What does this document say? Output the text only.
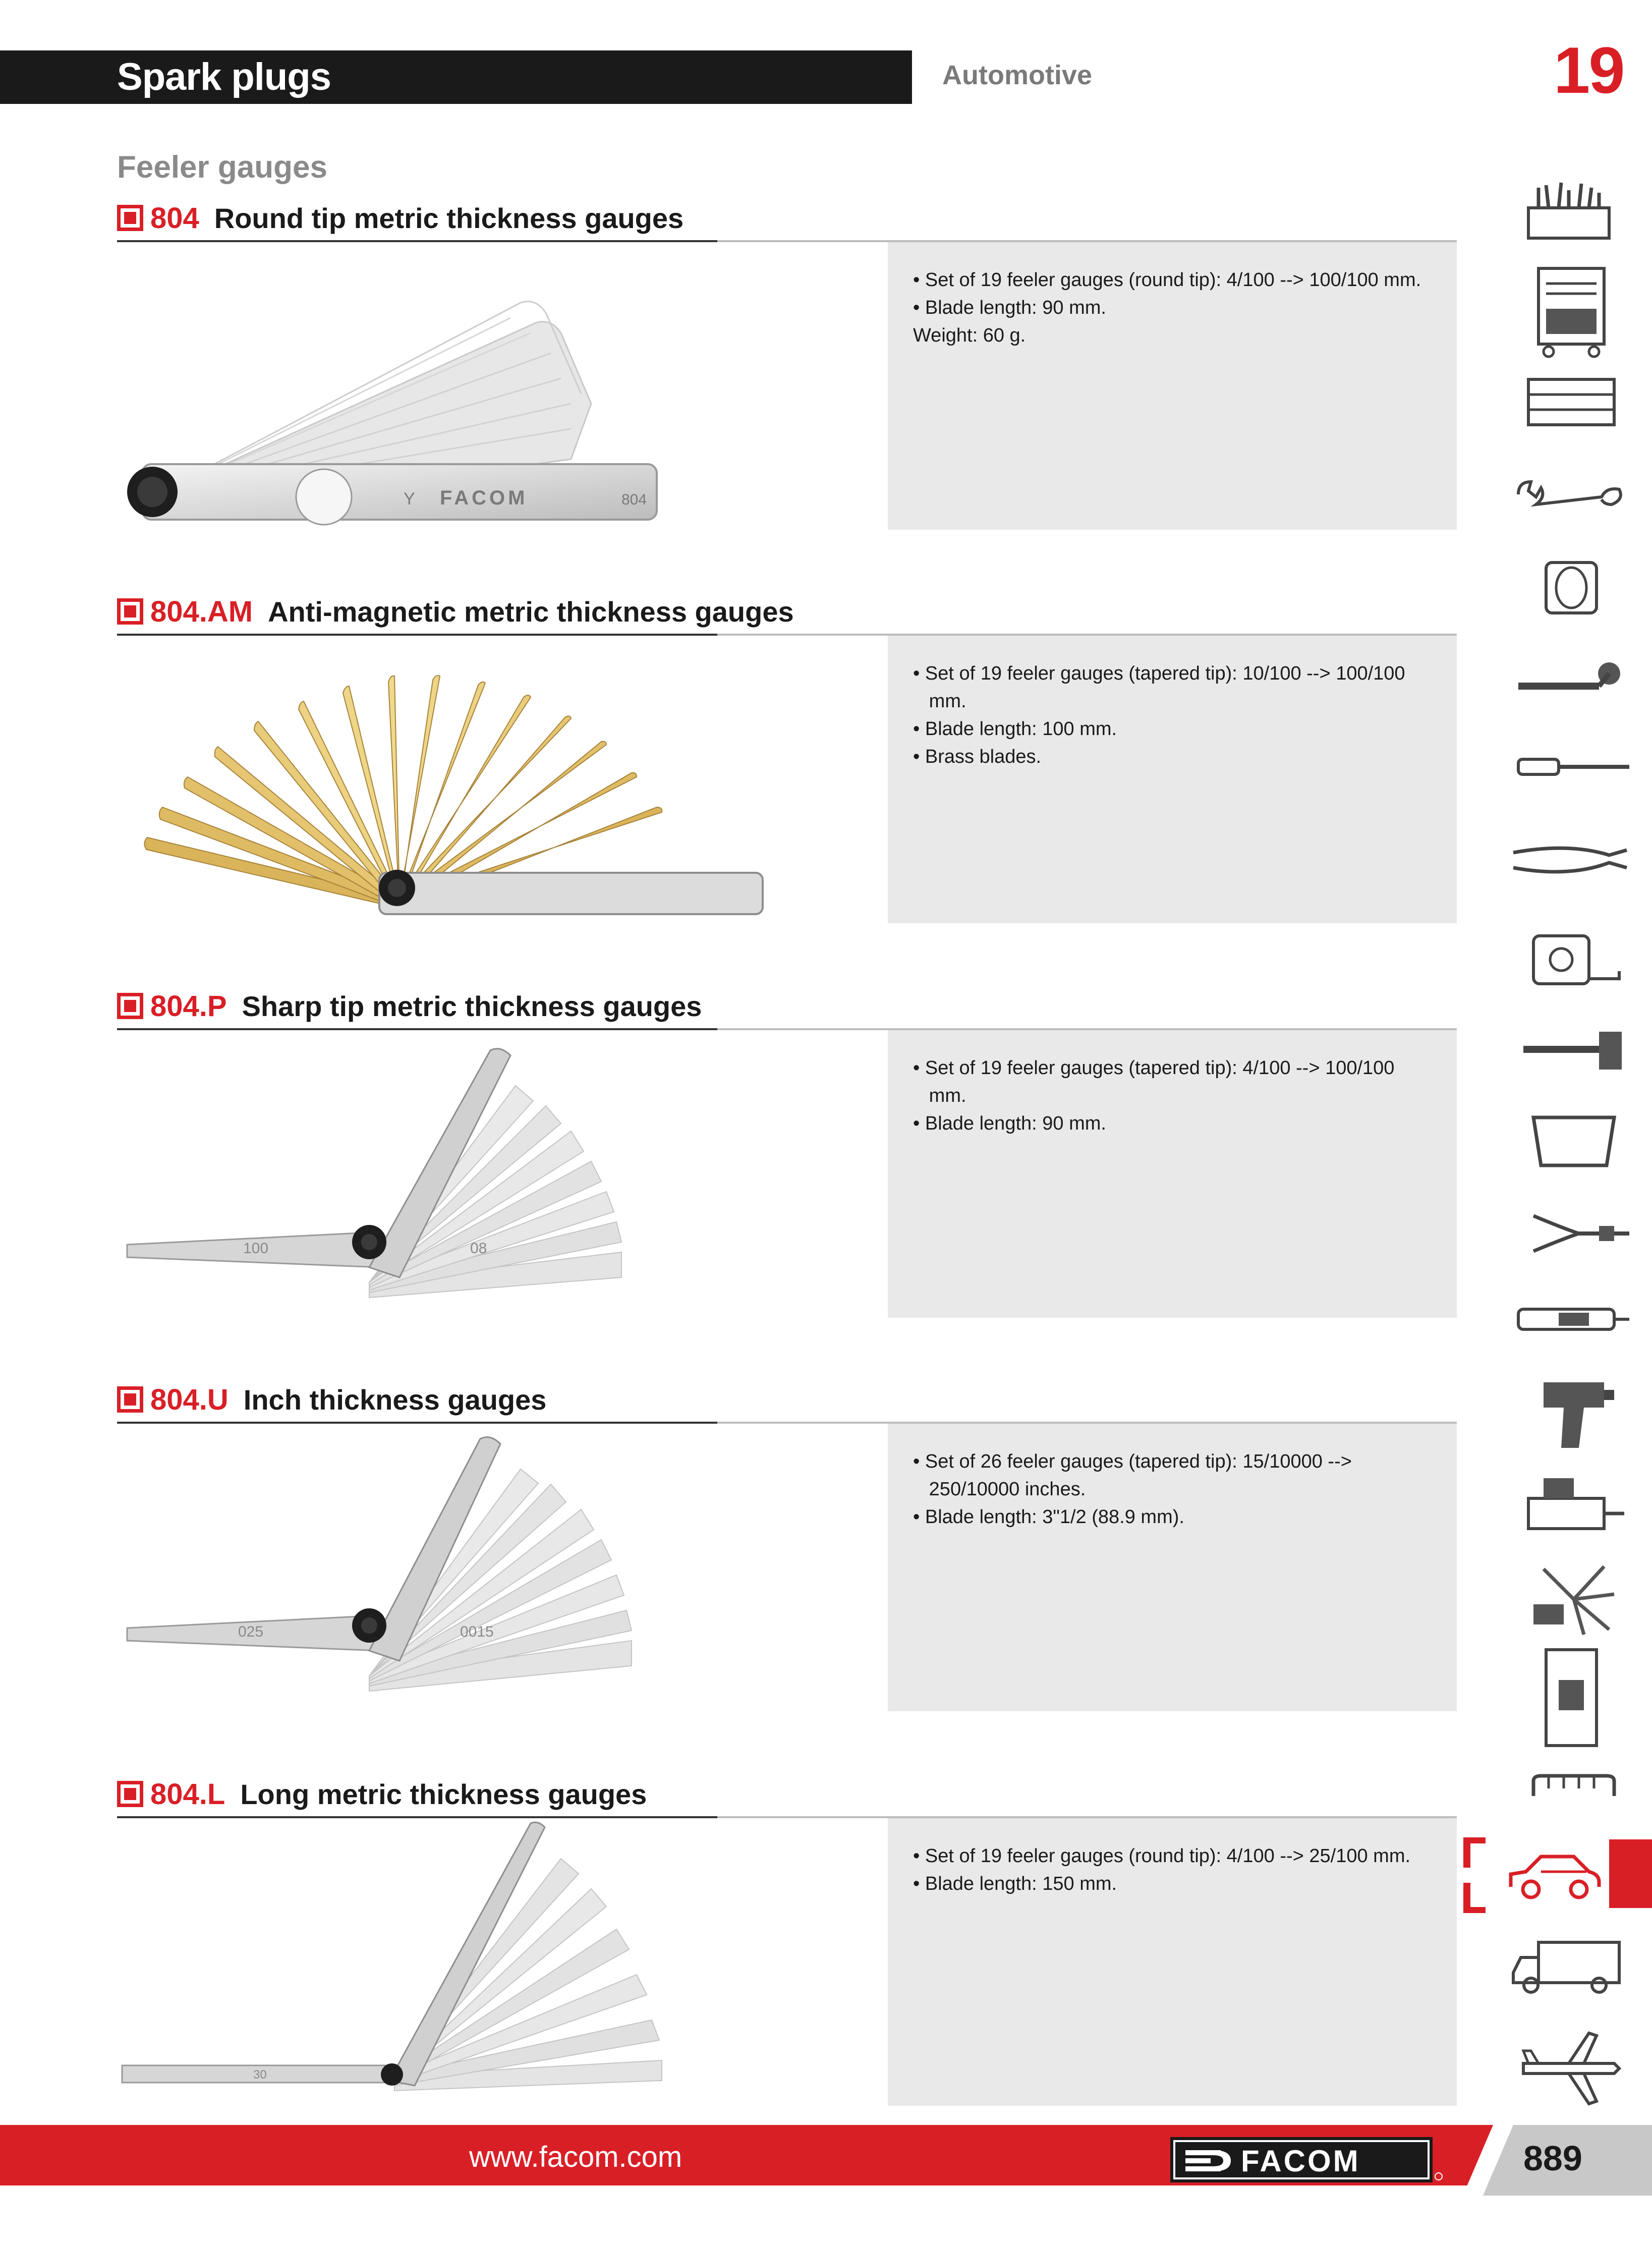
Spark plugs	Automotive	19
Feeler gauges
804 Round tip metric thickness gauges
Y FACOM	804
• Set of 19 feeler gauges (round tip): 4/100 --> 100/100 mm.
• Blade length: 90 mm.
Weight: 60 g.
804.AM Anti-magnetic metric thickness gauges
• Set of 19 feeler gauges (tapered tip): 10/100 --> 100/100
mm.
• Blade length: 100 mm.
• Brass blades.
804.P Sharp tip metric thickness gauges
100	08
• Set of 19 feeler gauges (tapered tip): 4/100 --> 100/100
mm.
• Blade length: 90 mm.
804.U Inch thickness gauges
025	0015
• Set of 26 feeler gauges (tapered tip): 15/10000 -->
250/10000 inches.
• Blade length: 3"1/2 (88.9 mm).
804.L Long metric thickness gauges
30
• Set of 19 feeler gauges (round tip): 4/100 --> 25/100 mm.
• Blade length: 150 mm.
www.facom.com	FACOM	889
